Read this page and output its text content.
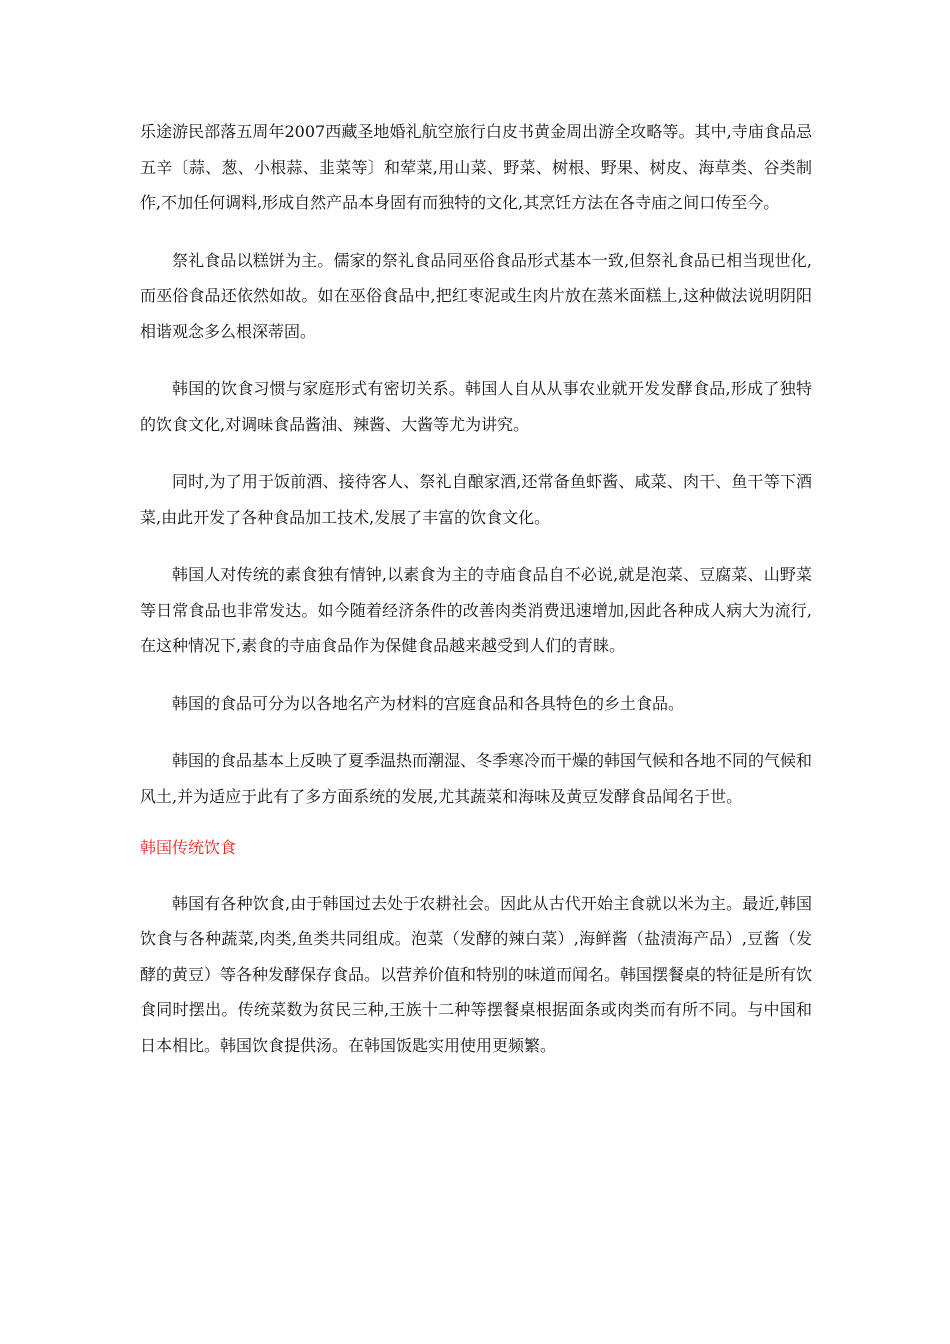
乐途游民部落五周年2007西藏圣地婚礼航空旅行白皮书黄金周出游全攻略等。其中,寺庙食品忌五辛〔蒜、葱、小根蒜、韭菜等〕和荤菜,用山菜、野菜、树根、野果、树皮、海草类、谷类制作,不加任何调料,形成自然产品本身固有而独特的文化,其烹饪方法在各寺庙之间口传至今。

祭礼食品以糕饼为主。儒家的祭礼食品同巫俗食品形式基本一致,但祭礼食品已相当现世化,而巫俗食品还依然如故。如在巫俗食品中,把红枣泥或生肉片放在蒸米面糕上,这种做法说明阴阳相谐观念多么根深蒂固。

韩国的饮食习惯与家庭形式有密切关系。韩国人自从从事农业就开发发酵食品,形成了独特的饮食文化,对调味食品酱油、辣酱、大酱等尤为讲究。

同时,为了用于饭前酒、接待客人、祭礼自酿家酒,还常备鱼虾酱、咸菜、肉干、鱼干等下酒菜,由此开发了各种食品加工技术,发展了丰富的饮食文化。

韩国人对传统的素食独有情钟,以素食为主的寺庙食品自不必说,就是泡菜、豆腐菜、山野菜等日常食品也非常发达。如今随着经济条件的改善肉类消费迅速增加,因此各种成人病大为流行,在这种情况下,素食的寺庙食品作为保健食品越来越受到人们的青睐。

韩国的食品可分为以各地名产为材料的宫庭食品和各具特色的乡土食品。

韩国的食品基本上反映了夏季温热而潮湿、冬季寒冷而干燥的韩国气候和各地不同的气候和风土,并为适应于此有了多方面系统的发展,尤其蔬菜和海味及黄豆发酵食品闻名于世。

韩国传统饮食

韩国有各种饮食,由于韩国过去处于农耕社会。因此从古代开始主食就以米为主。最近,韩国饮食与各种蔬菜,肉类,鱼类共同组成。泡菜（发酵的辣白菜）,海鲜酱（盐渍海产品）,豆酱（发酵的黄豆）等各种发酵保存食品。以营养价值和特别的味道而闻名。韩国摆餐桌的特征是所有饮食同时摆出。传统菜数为贫民三种,王族十二种等摆餐桌根据面条或肉类而有所不同。与中国和日本相比。韩国饮食提供汤。在韩国饭匙实用使用更频繁。
